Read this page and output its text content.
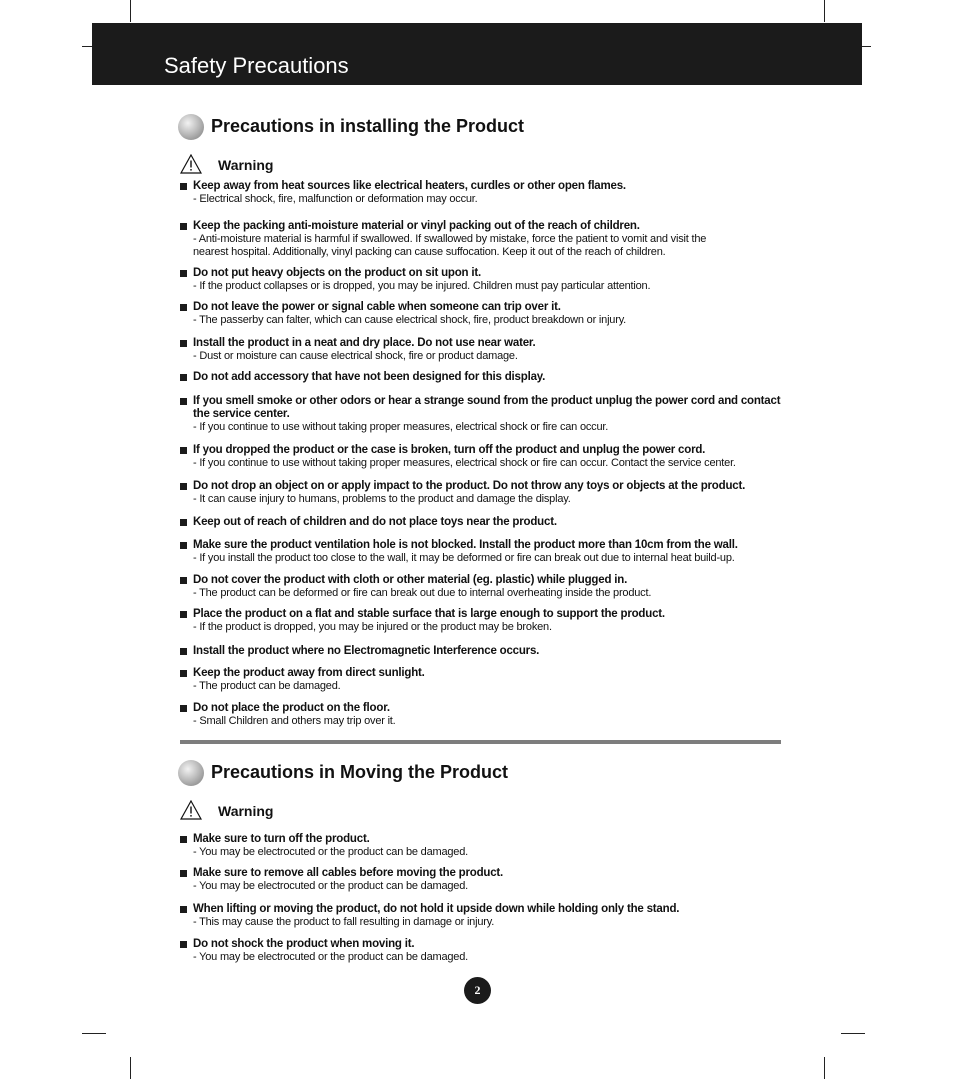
Safety Precautions
Precautions in installing the Product
Warning
Keep away from heat sources like electrical heaters, curdles or other open flames.
- Electrical shock, fire, malfunction or deformation may occur.
Keep the packing anti-moisture material or vinyl packing out of the reach of children.
- Anti-moisture material is harmful if swallowed. If swallowed by mistake, force the patient to vomit and visit the
nearest hospital. Additionally, vinyl packing can cause suffocation. Keep it out of the reach of children.
Do not put heavy objects on the product on sit upon it.
- If the product collapses or is dropped, you may be injured. Children must pay particular attention.
Do not leave the power or signal cable when someone can trip over it.
- The passerby can falter, which can cause electrical shock, fire, product breakdown or injury.
Install the product in a neat and dry place. Do not use near water.
- Dust or moisture can cause electrical shock, fire or product damage.
Do not add accessory that have not been designed for this display.
If you smell smoke or other odors or hear a strange sound from the product unplug the power cord and contact the service center.
- If you continue to use without taking proper measures, electrical shock or fire can occur.
If you dropped the product or the case is broken, turn off the product and unplug the power cord.
- If you continue to use without taking proper measures, electrical shock or fire can occur. Contact the service center.
Do not drop an object on or apply impact to the product. Do not throw any toys or objects at the product.
- It can cause injury to humans, problems to the product and damage the display.
Keep out of reach of children and do not place toys near the product.
Make sure the product ventilation hole is not blocked. Install the product more than 10cm from the wall.
- If you install the product too close to the wall, it may be deformed or fire can break out due to internal heat build-up.
Do not cover the product with cloth or other material (eg. plastic) while plugged in.
- The product can be deformed or fire can break out due to internal overheating inside the product.
Place the product on a flat and stable surface that is large enough to support the product.
- If the product is dropped, you may be injured or the product may be broken.
Install the product where no Electromagnetic Interference occurs.
Keep the product away from direct sunlight.
- The product can be damaged.
Do not place the product on the floor.
- Small Children and others may trip over it.
Precautions in Moving the Product
Warning
Make sure to turn off the product.
- You may be electrocuted or the product can be damaged.
Make sure to remove all cables before moving the product.
- You may be electrocuted or the product can be damaged.
When lifting or moving the product, do not hold it upside down while holding only the stand.
- This may cause the product to fall resulting in damage or injury.
Do not shock the product when moving it.
- You may be electrocuted or the product can be damaged.
2
